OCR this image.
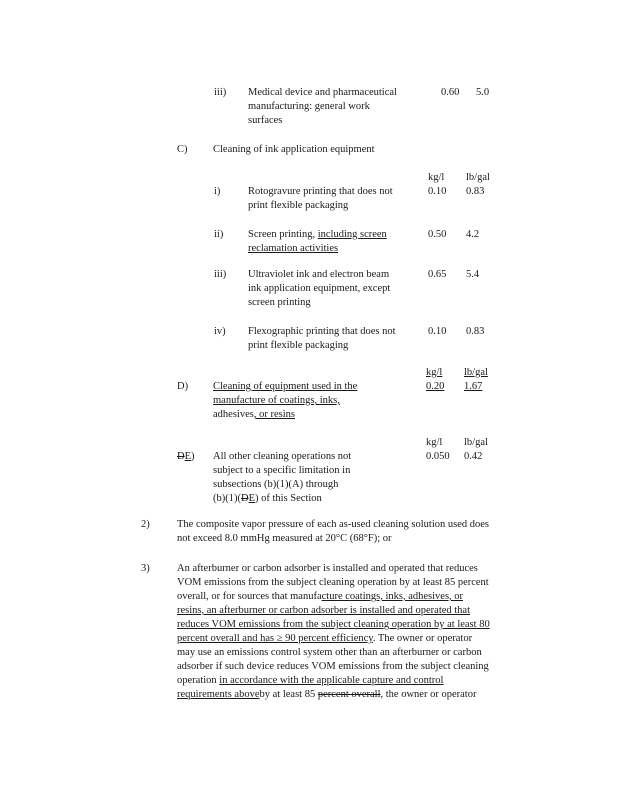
iii) Medical device and pharmaceutical
manufacturing: general work
surfaces
0.60 5.0
C) Cleaning of ink application equipment
kg/l lb/gal
i)	Rotogravure printing that does not
print flexible packaging
0.10 0.83
ii) Screen printing, including screen
reclamation activities
0.50 4.2
iii) Ultraviolet ink and electron beam
ink application equipment, except
screen printing
0.65 5.4
iv) Flexographic printing that does not
print flexible packaging
0.10 0.83
kg/l lb/gal
D) Cleaning of equipment used in the
manufacture of coatings, inks,
adhesives, or resins
0.20 1.67
kg/l lb/gal
DE) All other cleaning operations not
subject to a specific limitation in
subsections (b)(1)(A) through
(b)(1)(DE) of this Section
0.050 0.42
2)	The composite vapor pressure of each as-used cleaning solution used does
not exceed 8.0 mmHg measured at 20°C (68°F); or
3)	An afterburner or carbon adsorber is installed and operated that reduces
VOM emissions from the subject cleaning operation by at least 85 percent
overall, or for sources that manufacture coatings, inks, adhesives, or
resins, an afterburner or carbon adsorber is installed and operated that
reduces VOM emissions from the subject cleaning operation by at least 80
percent overall and has ≥ 90 percent efficiency. The owner or operator
may use an emissions control system other than an afterburner or carbon
adsorber if such device reduces VOM emissions from the subject cleaning
operation in accordance with the applicable capture and control
requirements aboveby at least 85 percent overall, the owner or operator
